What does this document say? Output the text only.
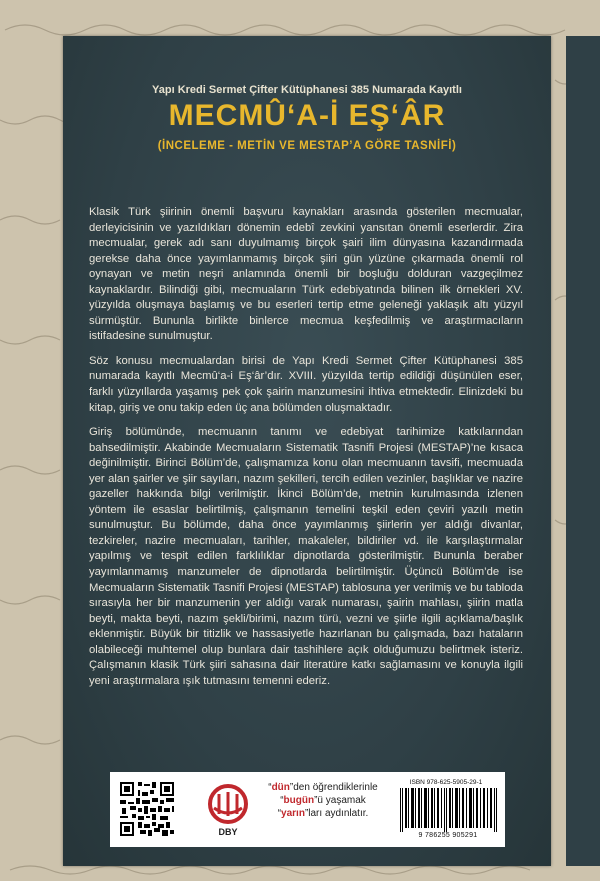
Yapı Kredi Sermet Çifter Kütüphanesi 385 Numarada Kayıtlı
MECMÛ‘A-İ EŞ‘ÂR
(İNCELEME - METİN VE MESTAP’A GÖRE TASNİFİ)

Klasik Türk şiirinin önemli başvuru kaynakları arasında gösterilen mecmualar, derleyicisinin ve yazıldıkları dönemin edebî zevkini yansıtan önemli eserlerdir. Zira mecmualar, gerek adı sanı duyulmamış birçok şairi ilim dünyasına kazandırmada gerekse daha önce yayımlanmamış birçok şiiri gün yüzüne çıkarmada önemli rol oynayan ve metin neşri anlamında önemli bir boşluğu dolduran vazgeçilmez kaynaklardır. Bilindiği gibi, mecmuaların Türk edebiyatında bilinen ilk örnekleri XV. yüzyılda oluşmaya başlamış ve bu eserleri tertip etme geleneği yaklaşık altı yüzyıl sürmüştür. Bununla birlikte binlerce mecmua keşfedilmiş ve araştırmacıların istifadesine sunulmuştur.

Söz konusu mecmualardan birisi de Yapı Kredi Sermet Çifter Kütüphanesi 385 numarada kayıtlı Mecmû‘a-i Eş‘âr’dır. XVIII. yüzyılda tertip edildiği düşünülen eser, farklı yüzyıllarda yaşamış pek çok şairin manzumesini ihtiva etmektedir. Elinizdeki bu kitap, giriş ve onu takip eden üç ana bölümden oluşmaktadır.

Giriş bölümünde, mecmuanın tanımı ve edebiyat tarihimize katkılarından bahsedilmiştir. Akabinde Mecmuaların Sistematik Tasnifi Projesi (MESTAP)’ne kısaca değinilmiştir. Birinci Bölüm’de, çalışmamıza konu olan mecmuanın tavsifi, mecmuada yer alan şairler ve şiir sayıları, nazım şekilleri, tercih edilen vezinler, başlıklar ve nazire gazeller hakkında bilgi verilmiştir. İkinci Bölüm’de, metnin kurulmasında izlenen yöntem ile esaslar belirtilmiş, çalışmanın temelini teşkil eden çeviri yazılı metin sunulmuştur. Bu bölümde, daha önce yayımlanmış şiirlerin yer aldığı divanlar, tezkireler, nazire mecmuaları, tarihler, makaleler, bildiriler vd. ile karşılaştırmalar yapılmış ve tespit edilen farklılıklar dipnotlarda gösterilmiştir. Bununla beraber yayımlanmamış manzumeler de dipnotlarda belirtilmiştir. Üçüncü Bölüm’de ise Mecmuaların Sistematik Tasnifi Projesi (MESTAP) tablosuna yer verilmiş ve bu tabloda sırasıyla her bir manzumenin yer aldığı varak numarası, şairin mahlası, şiirin matla beyti, makta beyti, nazım şekli/birimi, nazım türü, vezni ve şiirle ilgili açıklama/başlık eklenmiştir. Büyük bir titizlik ve hassasiyetle hazırlanan bu çalışmada, bazı hataların olabileceği muhtemel olup bunlara dair tashihlere açık olduğumuzu belirtmek isteriz. Çalışmanın klasik Türk şiiri sahasına dair literatüre katkı sağlamasını ve konuyla ilgili yeni araştırmalara ışık tutmasını temenni ederiz.

DBY
“dün”den öğrendiklerinle
“bugün”ü yaşamak
“yarın”ları aydınlatır.
ISBN 978-625-5905-29-1
9 786255 905291
